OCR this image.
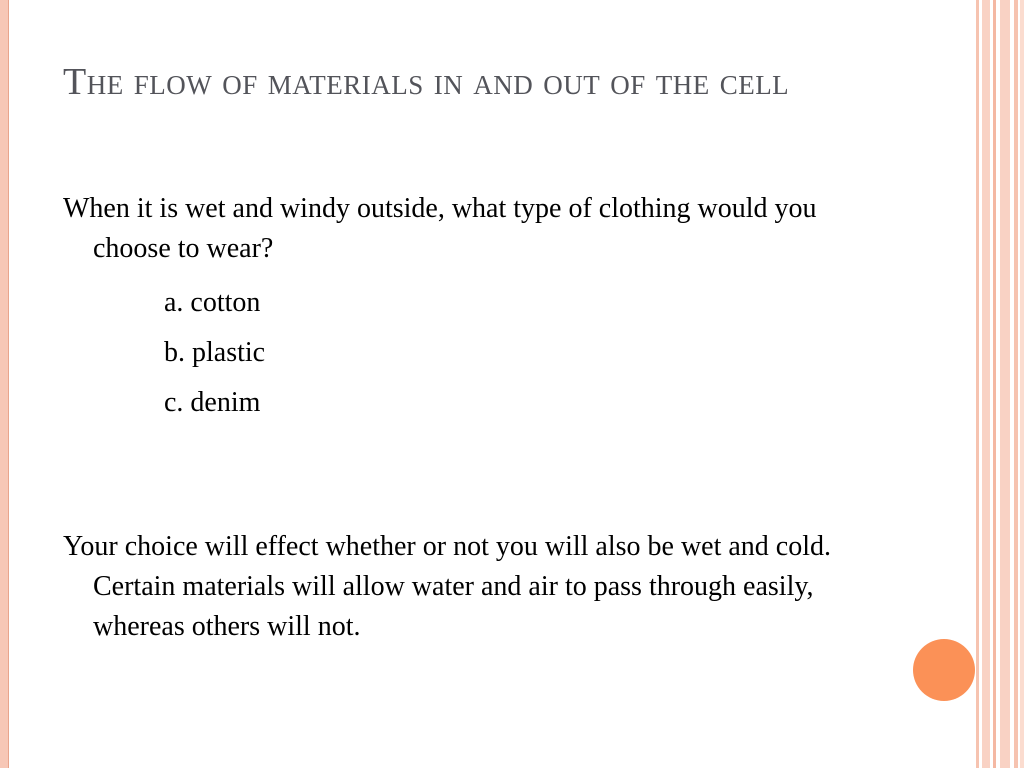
The flow of materials in and out of the cell
When it is wet and windy outside, what type of clothing would you choose to wear?
a. cotton
b. plastic
c. denim
Your choice will effect whether or not you will also be wet and cold. Certain materials will allow water and air to pass through easily, whereas others will not.
